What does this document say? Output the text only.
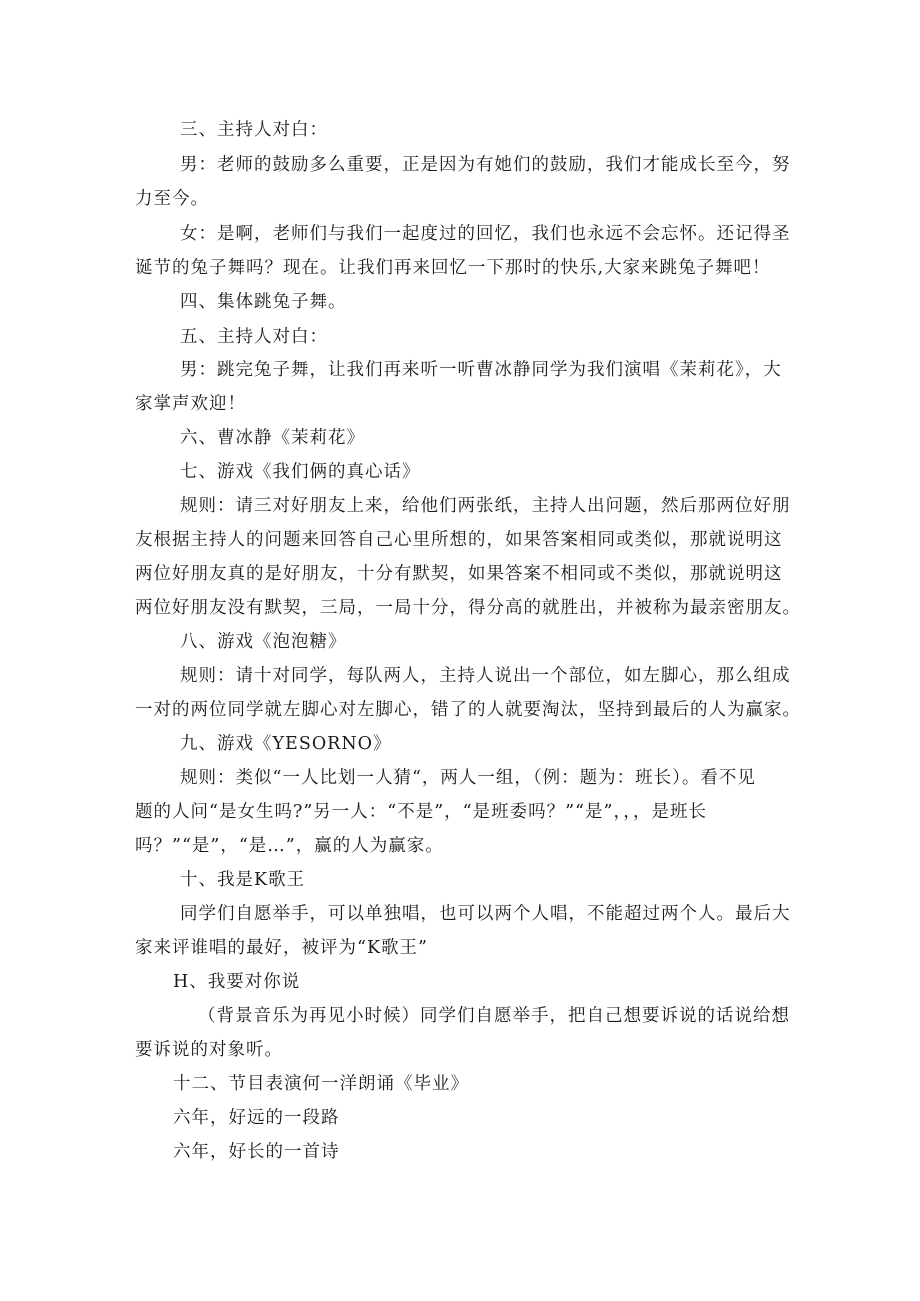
三、主持人对白：
男：老师的鼓励多么重要，正是因为有她们的鼓励，我们才能成长至今，努
力至今。
女：是啊，老师们与我们一起度过的回忆，我们也永远不会忘怀。还记得圣
诞节的兔子舞吗？现在。让我们再来回忆一下那时的快乐,大家来跳兔子舞吧！
四、集体跳兔子舞。
五、主持人对白：
男：跳完兔子舞，让我们再来听一听曹冰静同学为我们演唱《茉莉花》，大
家掌声欢迎！
六、曹冰静《茉莉花》
七、游戏《我们俩的真心话》
规则：请三对好朋友上来，给他们两张纸，主持人出问题，然后那两位好朋
友根据主持人的问题来回答自己心里所想的，如果答案相同或类似，那就说明这
两位好朋友真的是好朋友，十分有默契，如果答案不相同或不类似，那就说明这
两位好朋友没有默契，三局，一局十分，得分高的就胜出，并被称为最亲密朋友。
八、游戏《泡泡糖》
规则：请十对同学，每队两人，主持人说出一个部位，如左脚心，那么组成
一对的两位同学就左脚心对左脚心，错了的人就要淘汰，坚持到最后的人为赢家。
九、游戏《YESORNO》
规则：类似“一人比划一人猜“，两人一组，（例：题为：班长）。看不见
题的人问“是女生吗?”另一人：“不是”，“是班委吗？”“是”，，，是班长
吗？”“是”，“是…”，赢的人为赢家。
十、我是K歌王
同学们自愿举手，可以单独唱，也可以两个人唱，不能超过两个人。最后大
家来评谁唱的最好，被评为“K歌王”
H、我要对你说
（背景音乐为再见小时候）同学们自愿举手，把自己想要诉说的话说给想
要诉说的对象听。
十二、节目表演何一洋朗诵《毕业》
六年，好远的一段路
六年，好长的一首诗
